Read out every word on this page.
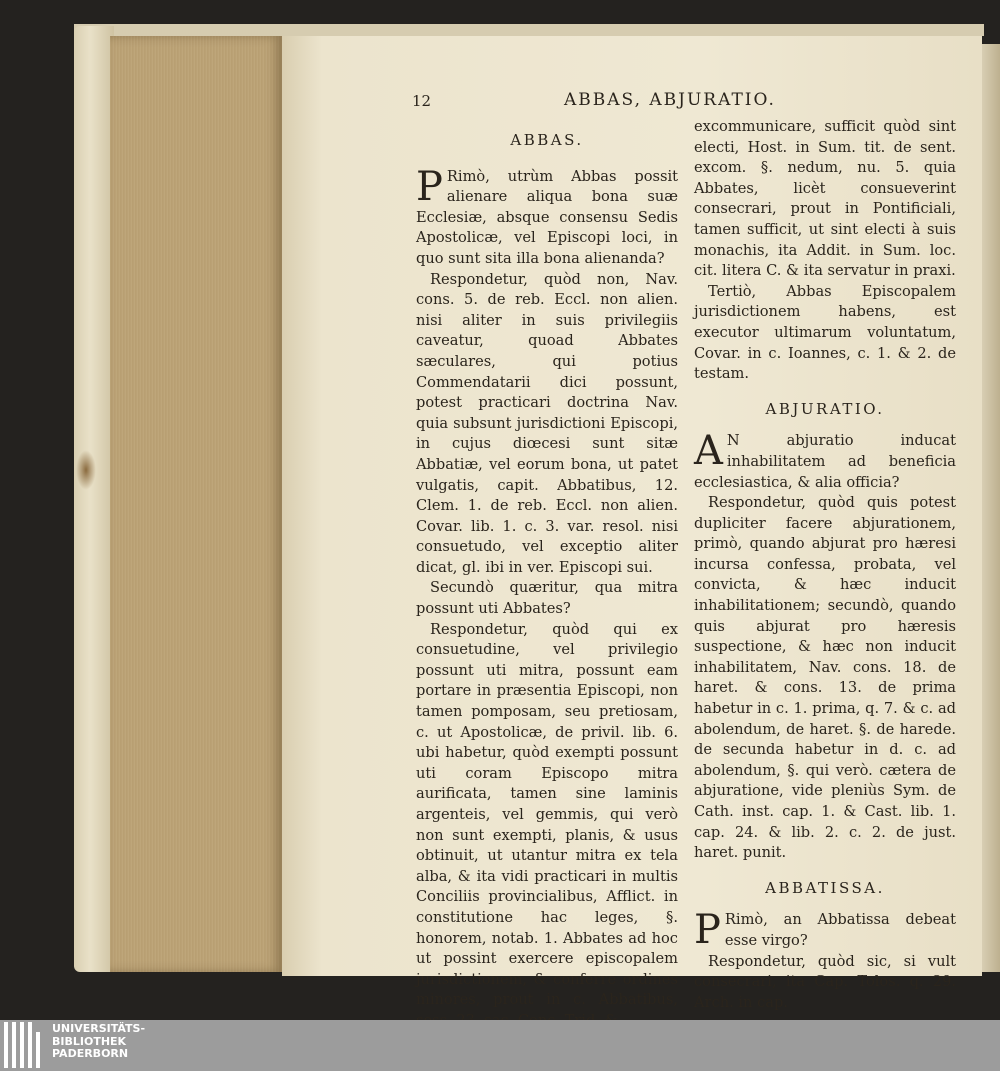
12	ABBAS, ABJURATIO.

ABBAS.

P Rimò, utrùm Abbas possit alienare aliqua bona suæ Ecclesiæ, absque consensu Sedis Apostolicæ, vel Episcopi loci, in quo sunt sita illa bona alienanda?

Respondetur, quòd non, Nav. cons. 5. de reb. Eccl. non alien. nisi aliter in suis privilegiis caveatur, quoad Abbates sæculares, qui potius Commendatarii dici possunt, potest practicari doctrina Nav. quia subsunt jurisdictioni Episcopi, in cujus diœcesi sunt sitæ Abbatiæ, vel eorum bona, ut patet vulgatis, capit. Abbatibus, 12. Clem. 1. de reb. Eccl. non alien. Covar. lib. 1. c. 3. var. resol. nisi consuetudo, vel exceptio aliter dicat, gl. ibi in ver. Episcopi sui.

Secundò quæritur, qua mitra possunt uti Abbates?

Respondetur, quòd qui ex consuetudine, vel privilegio possunt uti mitra, possunt eam portare in præsentia Episcopi, non tamen pomposam, seu pretiosam, c. ut Apostolicæ, de privil. lib. 6. ubi habetur, quòd exempti possunt uti coram Episcopo mitra aurificata, tamen sine laminis argenteis, vel gemmis, qui verò non sunt exempti, planis, & usus obtinuit, ut utantur mitra ex tela alba, & ita vidi practicari in multis Conciliis provincialibus, Afflict. in constitutione hac leges, §. honorem, notab. 1. Abbates ad hoc ut possint exercere episcopalem jurisdictionem, & conferre ordines minores, prout in c. Abbatibus,

excommunicare, sufficit quòd sint electi, Host. in Sum. tit. de sent. excom. §. nedum, nu. 5. quia Abbates, licèt consueverint consecrari, prout in Pontificiali, tamen sufficit, ut sint electi à suis monachis, ita Addit. in Sum. loc. cit. litera C. & ita servatur in praxi.

Tertiò, Abbas Episcopalem jurisdictionem habens, est executor ultimarum voluntatum, Covar. in c. Ioannes, c. 1. & 2. de testam.

ABJURATIO.

A N abjuratio inducat inhabilitatem ad beneficia ecclesiastica, & alia officia?

Respondetur, quòd quis potest dupliciter facere abjurationem, primò, quando abjurat pro hæresi incursa confessa, probata, vel convicta, & hæc inducit inhabilitationem; secundò, quando quis abjurat pro hæresis suspectione, & hæc non inducit inhabilitatem, Nav. cons. 18. de haret. & cons. 13. de prima habetur in c. 1. prima, q. 7. & c. ad abolendum, de haret. §. de harede. de secunda habetur in d. c. ad abolendum, §. qui verò. cætera de abjuratione, vide pleniùs Sym. de Cath. inst. cap. 1. & Cast. lib. 1. cap. 24. & lib. 2. c. 2. de just. haret. punit.

ABBATISSA.

P Rimò, an Abbatissa debeat esse virgo?

Respondetur, quòd sic, si vult consecrari, ita Cap. Tolos. q. 29. Arch. in cap.

UNIVERSITÄTS-
BIBLIOTHEK
PADERBORN
